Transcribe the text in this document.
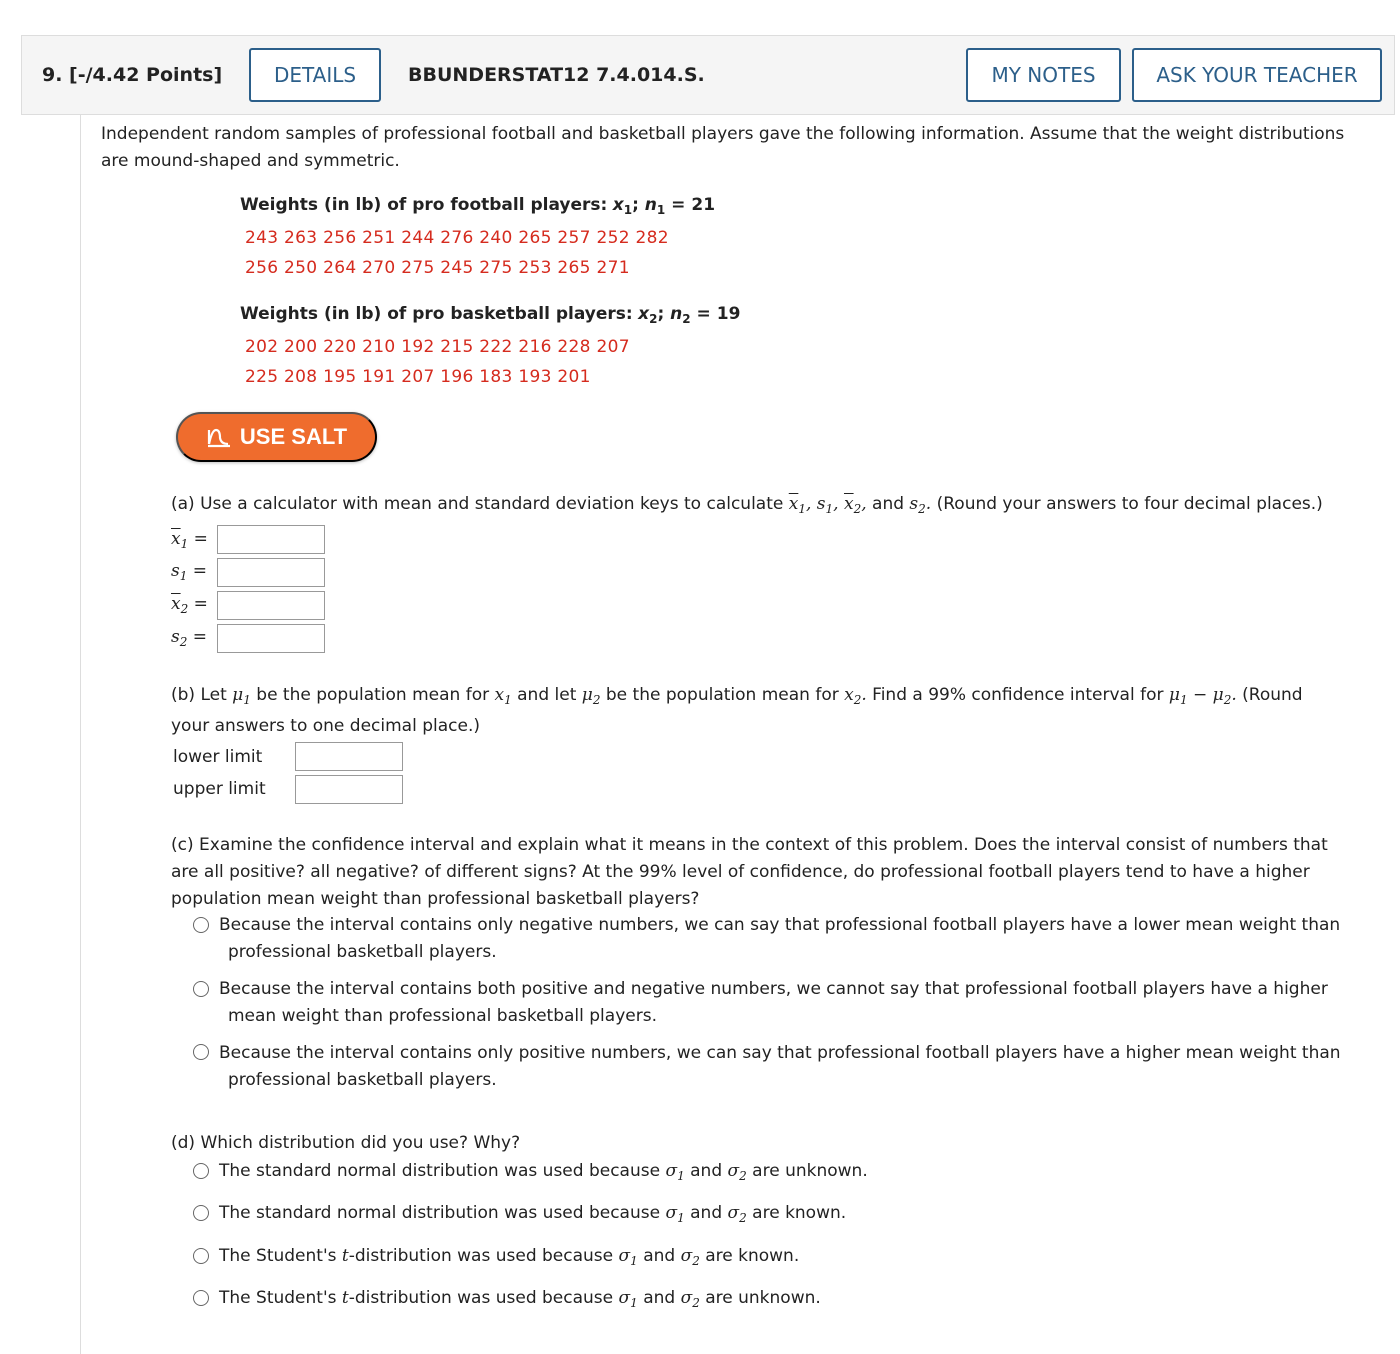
9. [-/4.42 Points]	DETAILS	BBUNDERSTAT12 7.4.014.S.	MY NOTES	ASK YOUR TEACHER
Independent random samples of professional football and basketball players gave the following information. Assume that the weight distributions
are mound-shaped and symmetric.
Weights (in lb) of pro football players: $x_1$; $n_1 = 21$
243 263 256 251 244 276 240 265 257 252 282
256 250 264 270 275 245 275 253 265 271
Weights (in lb) of pro basketball players: $x_2$; $n_2 = 19$
202 200 220 210 192 215 222 216 228 207
225 208 195 191 207 196 183 193 201
USE SALT
(a) Use a calculator with mean and standard deviation keys to calculate $\overline{x}_1$, $s_1$, $\overline{x}_2$, and $s_2$. (Round your answers to four decimal places.)
$\overline{x}_1$ =
$s_1$ =
$\overline{x}_2$ =
$s_2$ =
(b) Let $\mu_1$ be the population mean for $x_1$ and let $\mu_2$ be the population mean for $x_2$. Find a 99% confidence interval for $\mu_1 - \mu_2$. (Round
your answers to one decimal place.)
lower limit
upper limit
(c) Examine the confidence interval and explain what it means in the context of this problem. Does the interval consist of numbers that
are all positive? all negative? of different signs? At the 99% level of confidence, do professional football players tend to have a higher
population mean weight than professional basketball players?
Because the interval contains only negative numbers, we can say that professional football players have a lower mean weight than
professional basketball players.
Because the interval contains both positive and negative numbers, we cannot say that professional football players have a higher
mean weight than professional basketball players.
Because the interval contains only positive numbers, we can say that professional football players have a higher mean weight than
professional basketball players.
(d) Which distribution did you use? Why?
The standard normal distribution was used because $\sigma_1$ and $\sigma_2$ are unknown.
The standard normal distribution was used because $\sigma_1$ and $\sigma_2$ are known.
The Student's t-distribution was used because $\sigma_1$ and $\sigma_2$ are known.
The Student's t-distribution was used because $\sigma_1$ and $\sigma_2$ are unknown.
